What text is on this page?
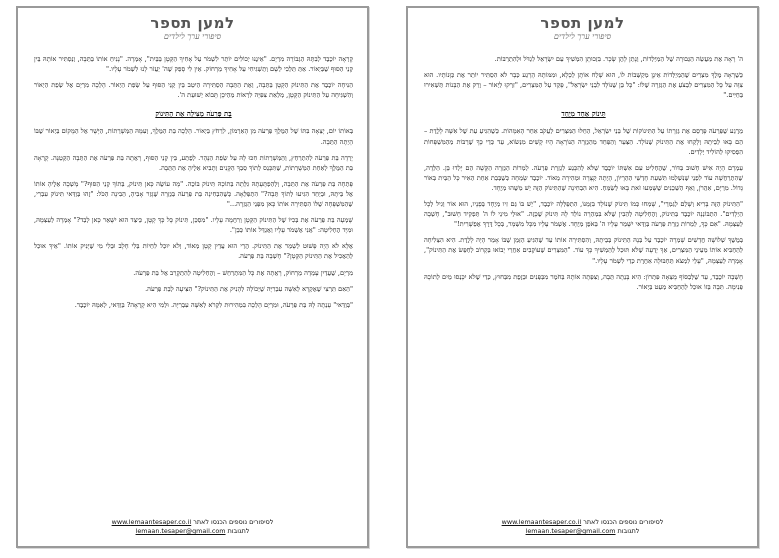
למען תספר
סיפורי ערך לילדים

קָרְאָה יוֹכֶבֶד לְבִתָּהּ הַגְּבוֹרָה מִרְיָם. "אֵינֶנּוּ יְכוֹלִים יוֹתֵר לִשְׁמֹר עַל אָחִיךְ הַקָּטָן בַּבַּיִת", אָמְרָה. "נָנִיחַ אוֹתוֹ בַּתֵּבָה, וְנַסְתִּיר אוֹתָהּ בֵּין קְנֵי הַסּוּף שֶׁבַּיְאוֹר. אַתְּ תֵּלְכִי לְשָׁם וְתַשְׁגִּיחִי עַל אָחִיךְ מֵרָחוֹק. אֵין לִי סָפֵק שֶׁה' יַעֲזֹר לָנוּ לִשְׁמֹר עָלָיו."

הַנִּיחָה יוֹכֶבֶד אֶת הַתִּינוֹק הַקָּטָן בַּתֵּבָה, וְאֶת הַתֵּבָה הַסְתִּירָה הֵיטֵב בֵּין קְנֵי הַסּוּף עַל שְׂפַת הַיְאוֹר. הָלְכָה מִרְיָם אֶל שְׂפַת הַיְאוֹר וְהִשְׁגִּיחָה עַל הַתִּינוֹק הַקָּטָן, מְלֵאַת צִפִּיָּה לִרְאוֹת מֵהֵיכָן תָּבוֹא יְשׁוּעַת ה'.

בַּת פַּרְעֹה מַצִּילָה אֶת הַתִּינוֹק

בְּאוֹתוֹ יוֹם, יָצְאָה בִּתּוֹ שֶׁל הַמֶּלֶךְ פַּרְעֹה מִן הָאַרְמוֹן, לִרְחֹץ בַּיְאוֹר. הָלְכָה בַּת הַמֶּלֶךְ, וְעִמָּהּ הַמְּשָׁרְתוֹת, הַיָּשָׁר אֶל הַמָּקוֹם בַּיְאוֹר שֶׁבּוֹ הָיְתָה הַתֵּבָה.

יָרְדָה בַּת פַּרְעֹה לְהִתְרַחֵץ, וְהַמְּשָׁרְתוֹת חִכּוּ לָהּ עַל שְׂפַת הַנָּהָר. לְפֶתַע, בֵּין קְנֵי הַסּוּף, רָאֲתָה בַּת פַּרְעֹה אֶת הַתֵּבָה הַקְּטַנָּה. קָרְאָה בַּת הַמֶּלֶךְ לְאַחַת הַמְּשָׁרְתוֹת, שֶׁתִּכָּנֵס לְתוֹךְ סְבַךְ הַקָּנִים וְתָבִיא אֵלֶיהָ אֶת הַתֵּבָה.

פָּתְחָה בַּת פַּרְעֹה אֶת הַתֵּבָה, וְלַהַפְתָּעָתָהּ גִּלְּתָה בְּתוֹכָהּ תִּינוֹק בּוֹכֶה. "מָה עוֹשֶׂה כָּאן תִּינוֹק, בְּתוֹךְ קְנֵי הַסּוּף?" מָשְׁכָה אֵלֶיהָ אוֹתוֹ אֶל בֵּיתָהּ, וּבְיַחַד הִגִּיעוּ לְתוֹךְ תֵּבָה?" הִתְפַּלְּאָה. כְּשֶׁהִבְחִינָה בַּת פַּרְעֹה בַּגְּזֵרָה שֶׁגָּזַר אָבִיהָ, הֵבִינָה הַכֹּל: "זֶהוּ בְּוַדַּאי תִּינוֹק עִבְרִי, שֶׁהַמִּשְׁפָּחָה שֶׁלּוֹ הִסְתִּירָה אוֹתוֹ כָּאן מִפְּנֵי הַגְּזֵרָה..."

שָׁמְעָה בַּת פַּרְעֹה אֶת בְּכִיּוֹ שֶׁל הַתִּינוֹק הַקָּטָן וְרִחֲמָה עָלָיו. "מִסְכֵּן, תִּינוֹק כָּל כָּךְ קָטָן, כֵּיצַד הוּא יִשָּׁאֵר כָּאן לְבַד?" אָמְרָה לְעַצְמָהּ, וּמִיָּד הֶחְלִיטָה: "אֲנִי אֶשְׁמֹר עָלָיו וַאֲגַדֵּל אוֹתוֹ כְּבֵן".

אֶלָּא לֹא הָיָה פָּשׁוּט לְשָׁמֵר אֶת הַתִּינוֹק. הֲרֵי הוּא עֲדַיִן קָטָן מְאוֹד, וְלֹא יוּכַל לִחְיוֹת בְּלִי חָלָב וּבְלִי מִי שֶׁיָּנִיק אוֹתוֹ. "אֵיךְ אוּכַל לְהַאֲכִיל אֶת הַתִּינוֹק הַקָּטָן?" חָשְׁבָה בַּת פַּרְעֹה.

מִרְיָם, שֶׁעֲדַיִן עָמְדָה מֵרָחוֹק, רָאֲתָה אֶת כָּל הַמִּתְרַחֵשׁ – וְהֶחְלִיטָה לְהִתְקָרֵב אֶל בַּת פַּרְעֹה.

"הַאִם תִּרְצִי שֶׁאֶקְרָא לְאִשָּׁה עִבְרִיָּה שֶׁיְּכוֹלָה לְהָנִיק אֶת הַתִּינוֹק?" הִצִּיעָה לְבַת פַּרְעֹה.

"בְּוַדַּאי" עָנְתָה לָהּ בַּת פַּרְעֹה, וּמִרְיָם הָלְכָה בִּמְהִירוּת לִקְרֹא לְאִשָּׁה עִבְרִיָּה. וּלְמִי הִיא קָרְאָה? בְּוַדַּאי, לְאִמָּהּ יוֹכֶבֶד.

לסיפורים נוספים הכנסו לאתר www.lemaantesaper.co.il
לתגובות lemaan.tesaper@gmail.com
למען תספר
סיפורי ערך לילדים

ה' רָאָה אֶת מַעֲשֵׂה הַגְּבוּרָה שֶׁל הַמְיַלְּדוֹת, וְנָתַן לָהֶן שָׂכָר. בִּזְכוּתָן הִמְשִׁיךְ עַם יִשְׂרָאֵל לִגְדֹּל וּלְהִתְרַבּוֹת.

כְּשֶׁרָאָה מֶלֶךְ מִצְרַיִם שֶׁהַמְיַלְּדוֹת אֵינָן מְקַשְּׁבוֹת לוֹ, הוּא שָׁלַח אוֹתָן לְכָלָא, וּמִמּוֹתָהּ הָרָגַע כְּבָר לֹא הִסְתִּיר יוֹתֵר אֶת כַּוָּנוֹתָיו. הוּא צִוָּה עַל כָּל הַמִּצְרִים לִבְצֹעַ אֶת הַגְּזֵרָה שֶׁלּוֹ: "כָּל בֵּן שֶׁנּוֹלָד לִבְנֵי יִשְׂרָאֵל", פָּקַד עַל הַמִּצְרִים, "זִרְקוּ לַיְאוֹר – וְרַק אֶת הַבָּנוֹת תַּשְׁאִירוּ בַּחַיִּים."

תִּינוֹק אֶחָד מְיֻחָד

מֵרֶגַע שֶׁפַּרְעֹה פָּרְסֵם אֶת גְּזֵרָתוֹ עַל הַתִּינוֹקוֹת שֶׁל בְּנֵי יִשְׂרָאֵל, הֵחֵלּוּ הַמִּצְרִים לַעֲקֹב אַחַר הָאִמָּהוֹת. כְּשֶׁהִגִּיעַ עֵת שֶׁל אִשָּׁה לָלֶדֶת – הֵם בָּאוּ לְבֵיתָהּ וְלָקְחוּ אֶת הַתִּינוֹק שֶׁנּוֹלָד. הַצַּעַר וְהַפַּחַד מֵהַגְּזֵרָה הַנּוֹרָאָה הָיוּ קָשִׁים מִנְּשׂוֹא, עַד כְּדֵי כָּךְ שֶׁרַבּוֹת מֵהַמִּשְׁפָּחוֹת הִפְסִיקוּ לְהוֹלִיד יְלָדִים.

עַמְרָם הָיָה אִישׁ חָשׁוּב בַּדּוֹר, שֶׁהֶחְלִיט עִם אִשְׁתּוֹ יוֹכֶבֶד שֶׁלֹּא לְהִכָּנַע לִגְזֵרַת פַּרְעֹה. לַמְרוֹת הַגְּזֵרָה הַקָּשָׁה הֵם יָלְדוּ בֵּן. הַלֵּדָה, שֶׁהִתְרַחֲשָׁה עוֹד לִפְנֵי שֶׁנִּשְׁלְמוּ תִּשְׁעַת חָדְשֵׁי הַהֵרָיוֹן, הָיְתָה קְצָרָה וּמְהִירָה מְאוֹד. יוֹכֶבֶד שָׂמְחָה כְּשֶׁבְּבַת אַחַת הֵאִיר כָּל הַבַּיִת בְּאוֹר גָּדוֹל. מִרְיָם, אַהֲרֹן, וְאַף הַשְּׁכֵנִים שֶׁשָּׁמְעוּ זֹאת בָּאוּ לְשַׂמֵּחַ. הִיא הִבְחִינָה שֶׁהַתִּינוֹק הַזֶּה יֵשׁ מַשֶּׁהוּ מְיֻחָד.

"הַתִּינוֹק הַזֶּה בָּרִיא וְשָׁלֵם לְגַמְרֵי", שָׁמְחוּ כְּמוֹ תִּינוֹק שֶׁנּוֹלָד בִּזְמַנּוֹ, הִתְפַּלְּלָה יוֹכֶבֶד, "יֵשׁ בּוֹ גַּם זִיו מְיֻחָד בְּפָנָיו, הוּא אוֹר וְגִיל לְכָל הַיְלָדִים". הִתְבּוֹנְנָה יוֹכֶבֶד בַּתִּינוֹק, וְהֶחְלִיטָה לְהַבִין שֶׁלֹּא בִּמְהֵרָה נוֹלַד לָהּ תִּינוֹק שֶׁכָּזֶה. "אוּלַי מִינֵי לוֹ ה' תַּפְקִיד חָשׁוּב", חָשְׁבָה לְעַצְמָהּ. "אִם כָּךְ, לַמְרוֹת גְּזֵרַת פַּרְעֹה בְּוַדַּאי יִשָּׁמֵר עָלָיו ה' בְּאֹפֶן מְיֻחָד. אֶשְׁמֹר עָלָיו מִכָּל מִשְׁמָר, בְּכָל דֶּרֶךְ אֶפְשָׁרִית!"

בְּמֶשֶׁךְ שְׁלוֹשָׁה חֳדָשִׁים שָׁמְרָה יוֹכֶבֶד עַל בְּנָהּ הַתִּינוֹק בְּבֵיתָהּ, וְהִסְתִּירָה אוֹתוֹ עַד שֶׁהִגִּיעַ הַזְּמַן שֶׁבּוֹ אָמַר הָיָה לָלֶדֶת. הִיא הִצְלִיחָה לְהַחְבִּיא אוֹתוֹ מֵעֵינֵי הַמִּצְרִים, אַךְ יָדְעָה שֶׁלֹּא תּוּכַל לְהַמְשִׁיךְ כָּךְ עוֹד. "הַמִּצְרִים שֶׁעוֹקְבִים אַחֲרַי יָבוֹאוּ בְּקָרוֹב לְחַפֵּשׂ אֶת הַתִּינוֹק", אָמְרָה לְעַצְמָהּ, "עָלַי לִמְצֹא תַּחְבּוּלָה אַחֶרֶת כְּדֵי לִשְׁמֹר עָלָיו."

חָשְׁבָה יוֹכֶבֶד, עַד שֶׁלְּבַסּוֹף מָצְאָה פִּתְרוֹן: הִיא בָּנְתָה תֵּבָה, וְצִפְּתָה אוֹתָהּ בְּחֹמֶר מִבַּפְּנִים וּבְזֶפֶת מִבַּחוּץ, כְּדֵי שֶׁלֹּא יִכָּנְסוּ מַיִם לְתוֹכָהּ פְּנִימָה. תִּבָה בְּזוֹ אוּכַל לְהַחְבִּיא מְעַט בַּיְאוֹר.

לסיפורים נוספים הכנסו לאתר www.lemaantesaper.co.il
לתגובות lemaan.tesaper@gmail.com
